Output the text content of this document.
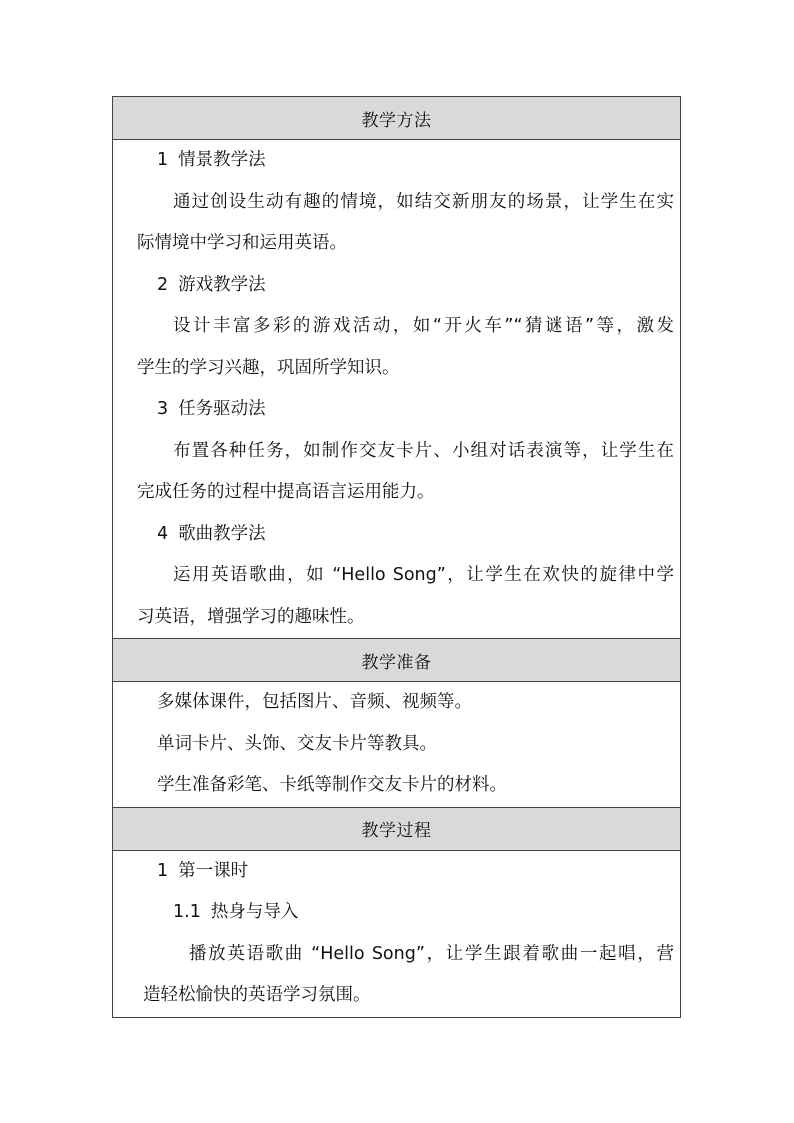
教学方法
1 情景教学法
通过创设生动有趣的情境，如结交新朋友的场景，让学生在实
际情境中学习和运用英语。
2 游戏教学法
设计丰富多彩的游戏活动，如“开火车”“猜谜语”等，激发
学生的学习兴趣，巩固所学知识。
3 任务驱动法
布置各种任务，如制作交友卡片、小组对话表演等，让学生在
完成任务的过程中提高语言运用能力。
4 歌曲教学法
运用英语歌曲，如 “Hello Song”，让学生在欢快的旋律中学
习英语，增强学习的趣味性。
教学准备
多媒体课件，包括图片、音频、视频等。
单词卡片、头饰、交友卡片等教具。
学生准备彩笔、卡纸等制作交友卡片的材料。
教学过程
1 第一课时
1.1 热身与导入
播放英语歌曲 “Hello Song”，让学生跟着歌曲一起唱，营
造轻松愉快的英语学习氛围。
